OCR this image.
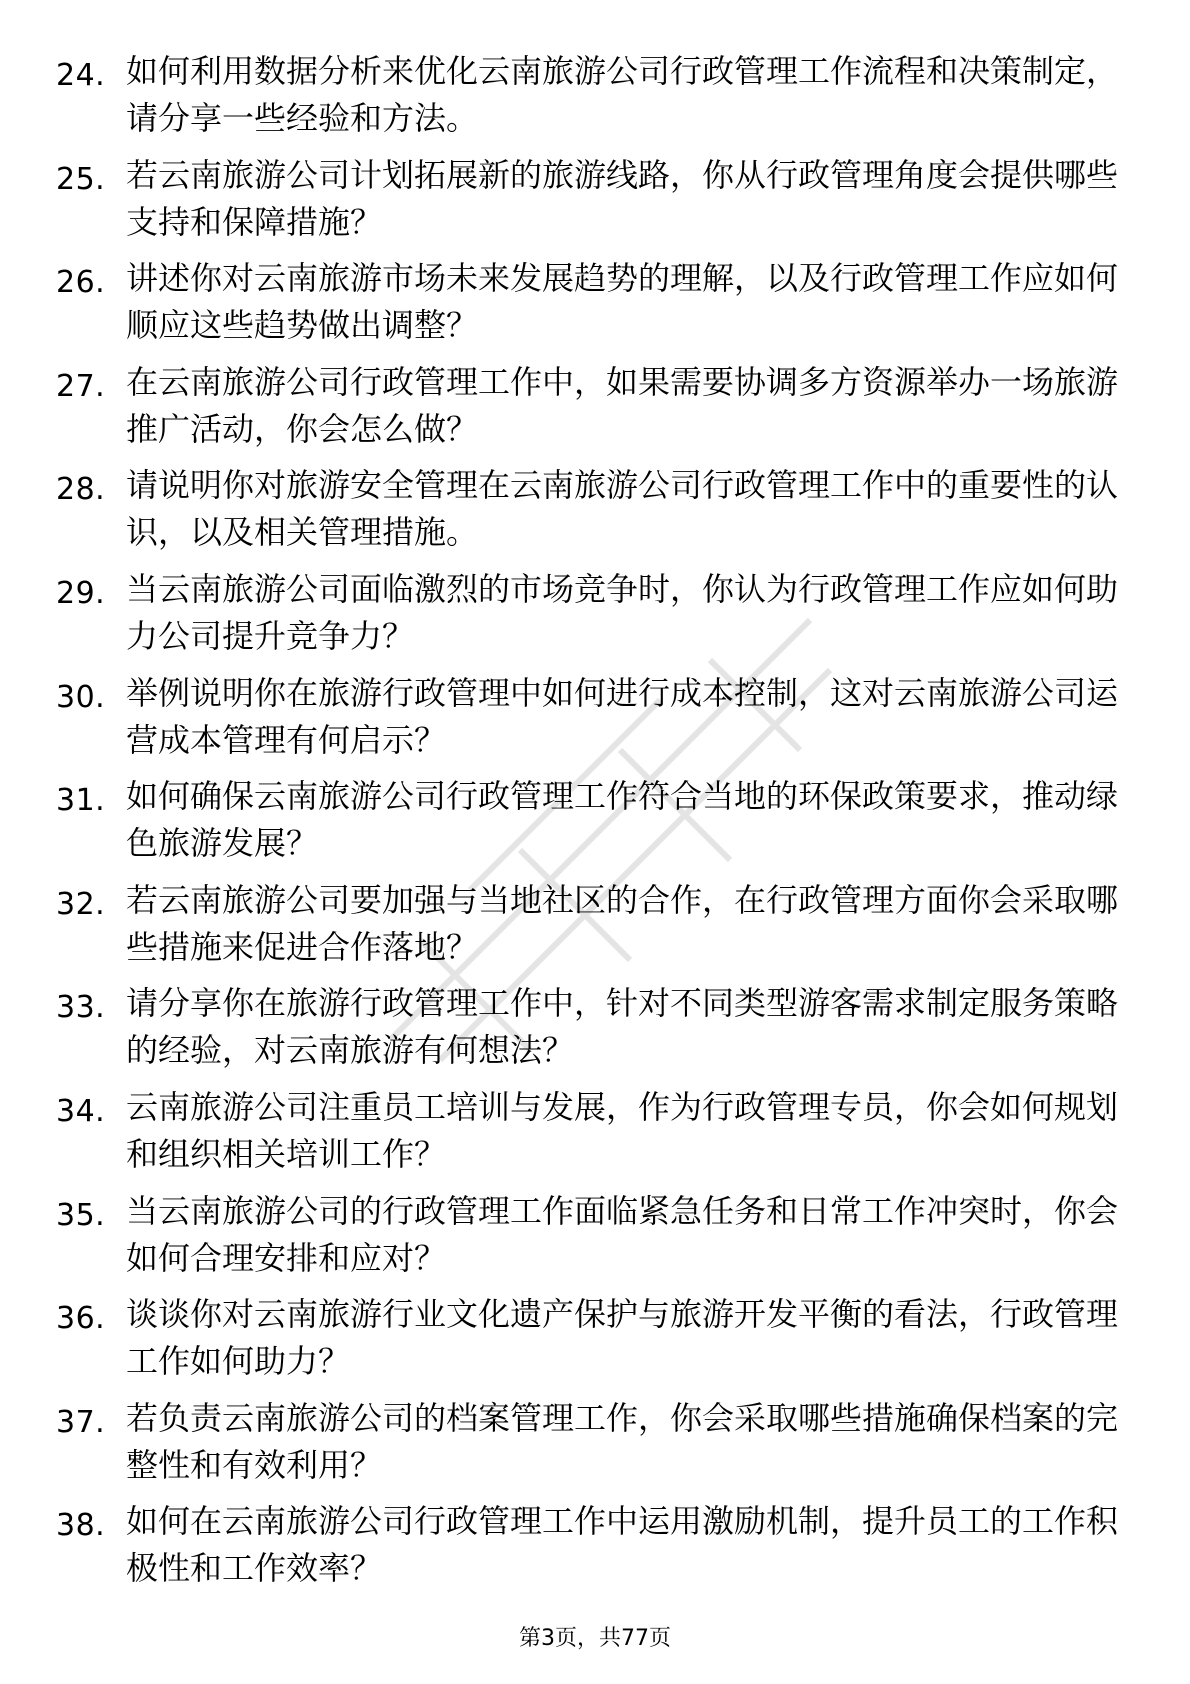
24. 如何利用数据分析来优化云南旅游公司行政管理工作流程和决策制定，请分享一些经验和方法。
25. 若云南旅游公司计划拓展新的旅游线路，你从行政管理角度会提供哪些支持和保障措施？
26. 讲述你对云南旅游市场未来发展趋势的理解，以及行政管理工作应如何顺应这些趋势做出调整？
27. 在云南旅游公司行政管理工作中，如果需要协调多方资源举办一场旅游推广活动，你会怎么做？
28. 请说明你对旅游安全管理在云南旅游公司行政管理工作中的重要性的认识，以及相关管理措施。
29. 当云南旅游公司面临激烈的市场竞争时，你认为行政管理工作应如何助力公司提升竞争力？
30. 举例说明你在旅游行政管理中如何进行成本控制，这对云南旅游公司运营成本管理有何启示？
31. 如何确保云南旅游公司行政管理工作符合当地的环保政策要求，推动绿色旅游发展？
32. 若云南旅游公司要加强与当地社区的合作，在行政管理方面你会采取哪些措施来促进合作落地？
33. 请分享你在旅游行政管理工作中，针对不同类型游客需求制定服务策略的经验，对云南旅游有何想法？
34. 云南旅游公司注重员工培训与发展，作为行政管理专员，你会如何规划和组织相关培训工作？
35. 当云南旅游公司的行政管理工作面临紧急任务和日常工作冲突时，你会如何合理安排和应对？
36. 谈谈你对云南旅游行业文化遗产保护与旅游开发平衡的看法，行政管理工作如何助力？
37. 若负责云南旅游公司的档案管理工作，你会采取哪些措施确保档案的完整性和有效利用？
38. 如何在云南旅游公司行政管理工作中运用激励机制，提升员工的工作积极性和工作效率？
第3页，共77页
